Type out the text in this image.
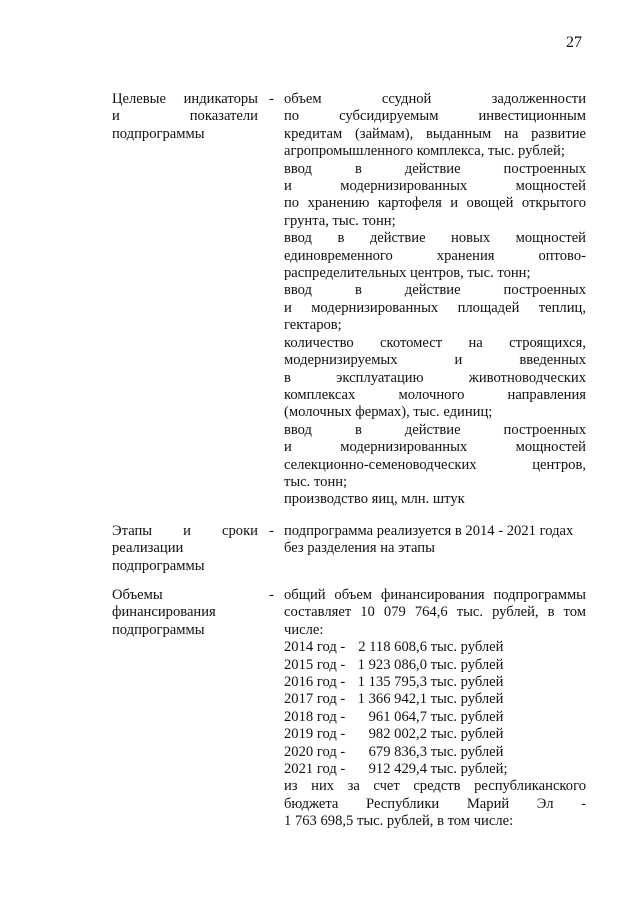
27
Целевые индикаторы
и показатели
подпрограммы
- объем ссудной задолженности
по субсидируемым инвестиционным
кредитам (займам), выданным на развитие
агропромышленного комплекса, тыс. рублей;
ввод в действие построенных
и модернизированных мощностей
по хранению картофеля и овощей открытого
грунта, тыс. тонн;
ввод в действие новых мощностей
единовременного хранения оптово-
распределительных центров, тыс. тонн;
ввод в действие построенных
и модернизированных площадей теплиц,
гектаров;
количество скотомест на строящихся,
модернизируемых и введенных
в эксплуатацию животноводческих
комплексах молочного направления
(молочных фермах), тыс. единиц;
ввод в действие построенных
и модернизированных мощностей
селекционно-семеноводческих центров,
тыс. тонн;
производство яиц, млн. штук
Этапы и сроки
реализации
подпрограммы
- подпрограмма реализуется в 2014 - 2021 годах
без разделения на этапы
Объемы
финансирования
подпрограммы
- общий объем финансирования подпрограммы
составляет 10 079 764,6 тыс. рублей, в том
числе:
2014 год - 2 118 608,6 тыс. рублей
2015 год - 1 923 086,0 тыс. рублей
2016 год - 1 135 795,3 тыс. рублей
2017 год - 1 366 942,1 тыс. рублей
2018 год - 961 064,7 тыс. рублей
2019 год - 982 002,2 тыс. рублей
2020 год - 679 836,3 тыс. рублей
2021 год - 912 429,4 тыс. рублей;
из них за счет средств республиканского
бюджета Республики Марий Эл -
1 763 698,5 тыс. рублей, в том числе:
